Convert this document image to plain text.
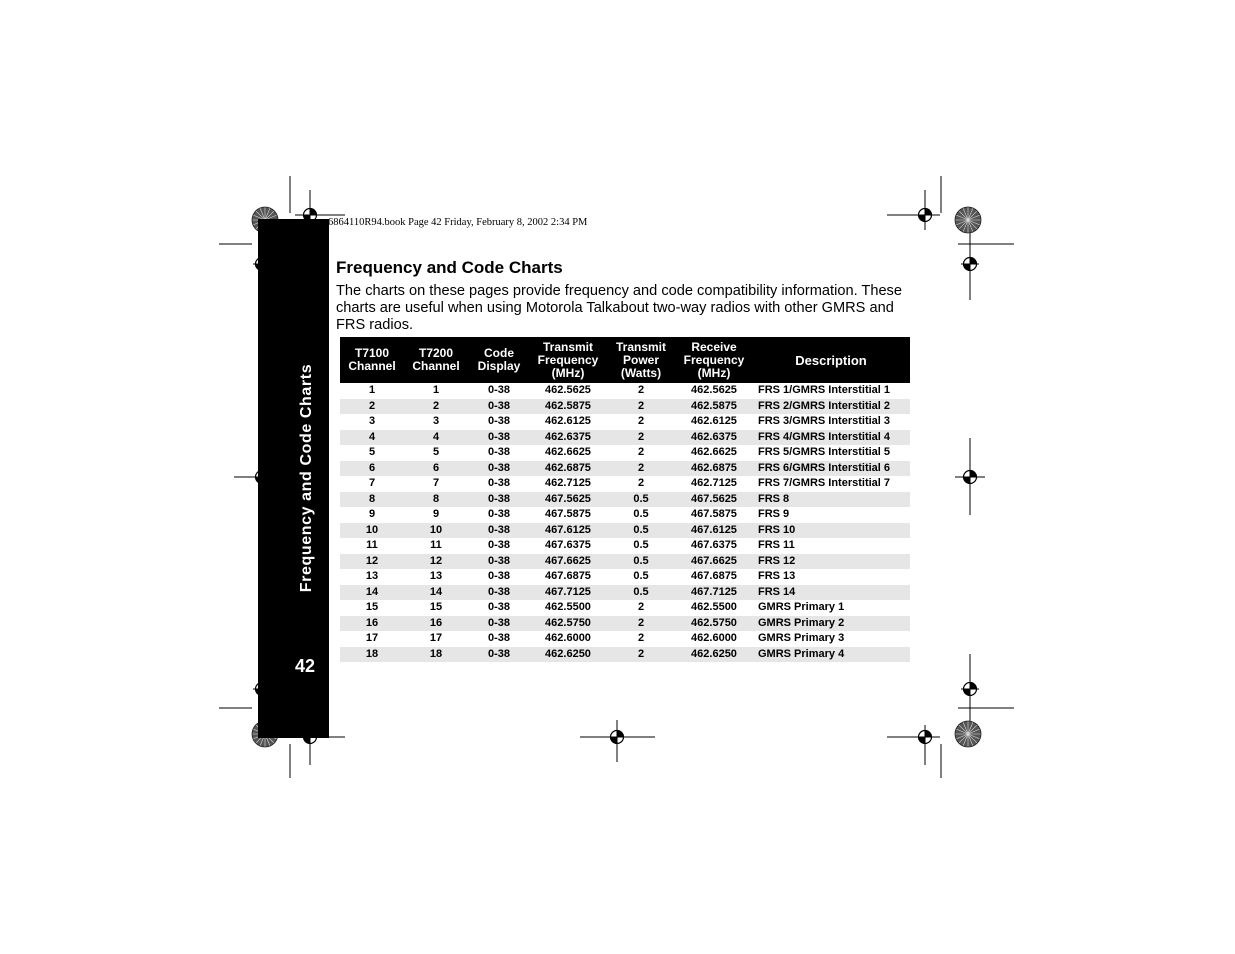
Frequency and Code Charts
42
6864110R94.book Page 42 Friday, February 8, 2002 2:34 PM
Frequency and Code Charts

The charts on these pages provide frequency and code compatibility information. These charts are useful when using Motorola Talkabout two-way radios with other GMRS and FRS radios.

T7100
Channel	T7200
Channel	Code
Display	Transmit
Frequency
(MHz)	Transmit
Power
(Watts)	Receive
Frequency
(MHz)	Description
1	1	0-38	462.5625	2	462.5625	FRS 1/GMRS Interstitial 1
2	2	0-38	462.5875	2	462.5875	FRS 2/GMRS Interstitial 2
3	3	0-38	462.6125	2	462.6125	FRS 3/GMRS Interstitial 3
4	4	0-38	462.6375	2	462.6375	FRS 4/GMRS Interstitial 4
5	5	0-38	462.6625	2	462.6625	FRS 5/GMRS Interstitial 5
6	6	0-38	462.6875	2	462.6875	FRS 6/GMRS Interstitial 6
7	7	0-38	462.7125	2	462.7125	FRS 7/GMRS Interstitial 7
8	8	0-38	467.5625	0.5	467.5625	FRS 8
9	9	0-38	467.5875	0.5	467.5875	FRS 9
10	10	0-38	467.6125	0.5	467.6125	FRS 10
11	11	0-38	467.6375	0.5	467.6375	FRS 11
12	12	0-38	467.6625	0.5	467.6625	FRS 12
13	13	0-38	467.6875	0.5	467.6875	FRS 13
14	14	0-38	467.7125	0.5	467.7125	FRS 14
15	15	0-38	462.5500	2	462.5500	GMRS Primary 1
16	16	0-38	462.5750	2	462.5750	GMRS Primary 2
17	17	0-38	462.6000	2	462.6000	GMRS Primary 3
18	18	0-38	462.6250	2	462.6250	GMRS Primary 4
